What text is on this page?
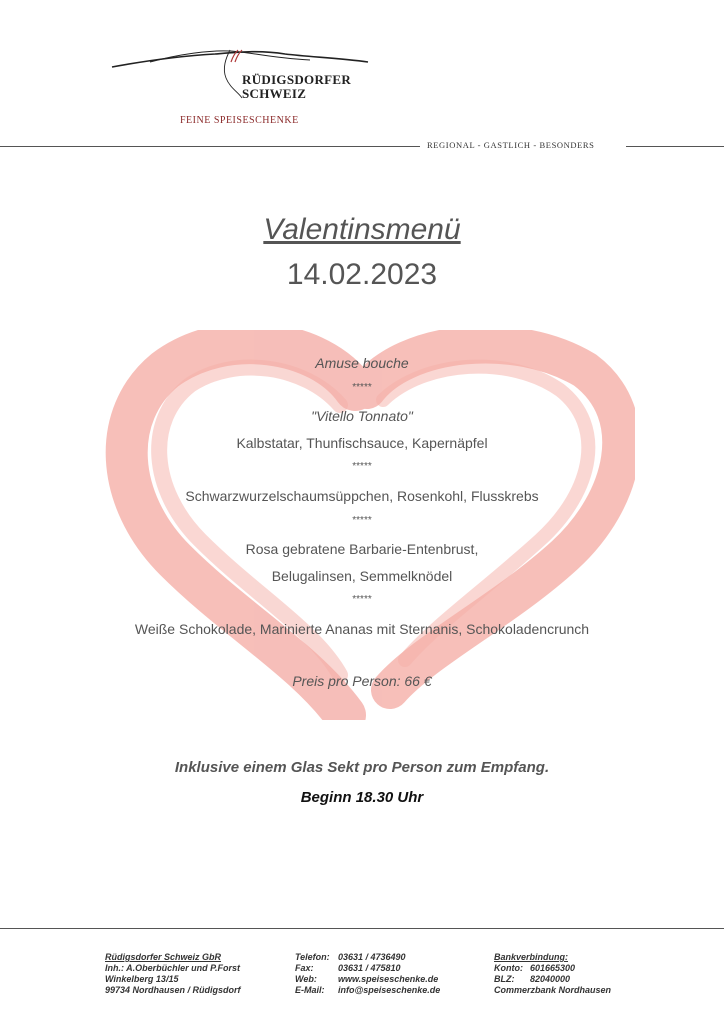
RÜDIGSDORFER
SCHWEIZ
FEINE SPEISESCHENKE
REGIONAL - GASTLICH - BESONDERS
Valentinsmenü
14.02.2023
Amuse bouche
*****
"Vitello Tonnato"
Kalbstatar, Thunfischsauce, Kapernäpfel
*****
Schwarzwurzelschaumsüppchen, Rosenkohl, Flusskrebs
*****
Rosa gebratene Barbarie-Entenbrust,
Belugalinsen, Semmelknödel
*****
Weiße Schokolade, Marinierte Ananas mit Sternanis, Schokoladencrunch
Preis pro Person: 66 €
Inklusive einem Glas Sekt pro Person zum Empfang.
Beginn 18.30 Uhr
Rüdigsdorfer Schweiz GbR
Inh.: A.Oberbüchler und P.Forst
Winkelberg 13/15
99734 Nordhausen / Rüdigsdorf
Telefon: 03631 / 4736490
Fax:	03631 / 475810
Web: www.speiseschenke.de
E-Mail: info@speiseschenke.de
Bankverbindung:
Konto: 601665300
BLZ: 82040000
Commerzbank Nordhausen
